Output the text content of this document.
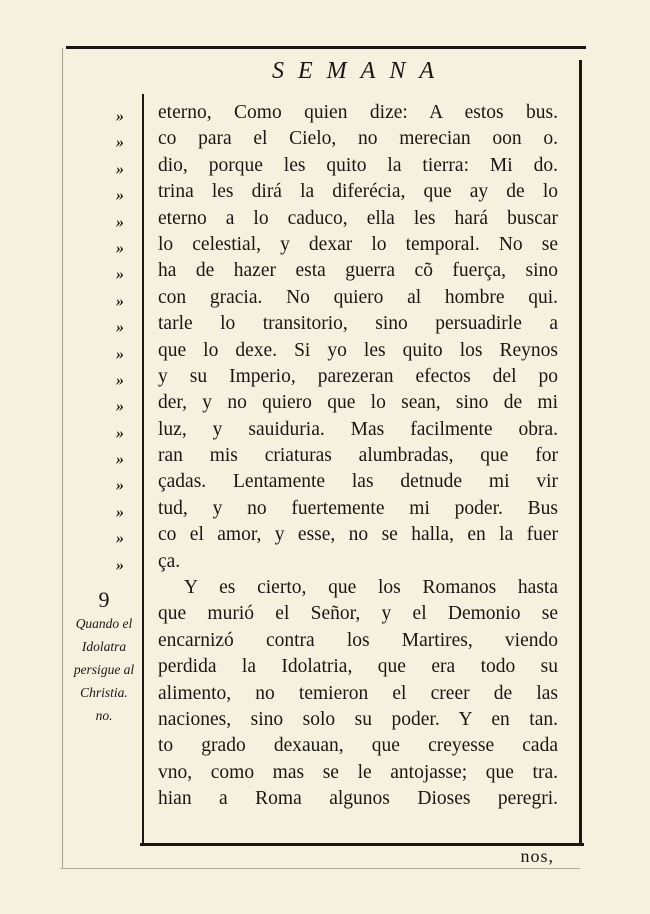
SEMANA
»
»
»
»
»
»
»
»
»
»
»
»
»
»
»
»
»
»
eterno, Como quien dize: A estos bus.
co para el Cielo, no merecian oon o.
dio, porque les quito la tierra: Mi do.
trina les dirá la diferécia, que ay de lo
eterno a lo caduco, ella les hará buscar
lo celestial, y dexar lo temporal. No se
ha de hazer esta guerra cõ fuerça, sino
con gracia. No quiero al hombre qui.
tarle lo transitorio, sino persuadirle a
que lo dexe. Si yo les quito los Reynos
y su Imperio, parezeran efectos del po
der, y no quiero que lo sean, sino de mi
luz, y sauiduria. Mas facilmente obra.
ran mis criaturas alumbradas, que for
çadas. Lentamente las detnude mi vir
tud, y no fuertemente mi poder. Bus
co el amor, y esse, no se halla, en la fuer
ça.
Y es cierto, que los Romanos hasta
que murió el Señor, y el Demonio se
encarnizó contra los Martires, viendo
perdida la Idolatria, que era todo su
alimento, no temieron el creer de las
naciones, sino solo su poder. Y en tan.
to grado dexauan, que creyesse cada
vno, como mas se le antojasse; que tra.
hian a Roma algunos Dioses peregri.
9
Quando el
Idolatra
persigue al
Christia.
no.
nos,
